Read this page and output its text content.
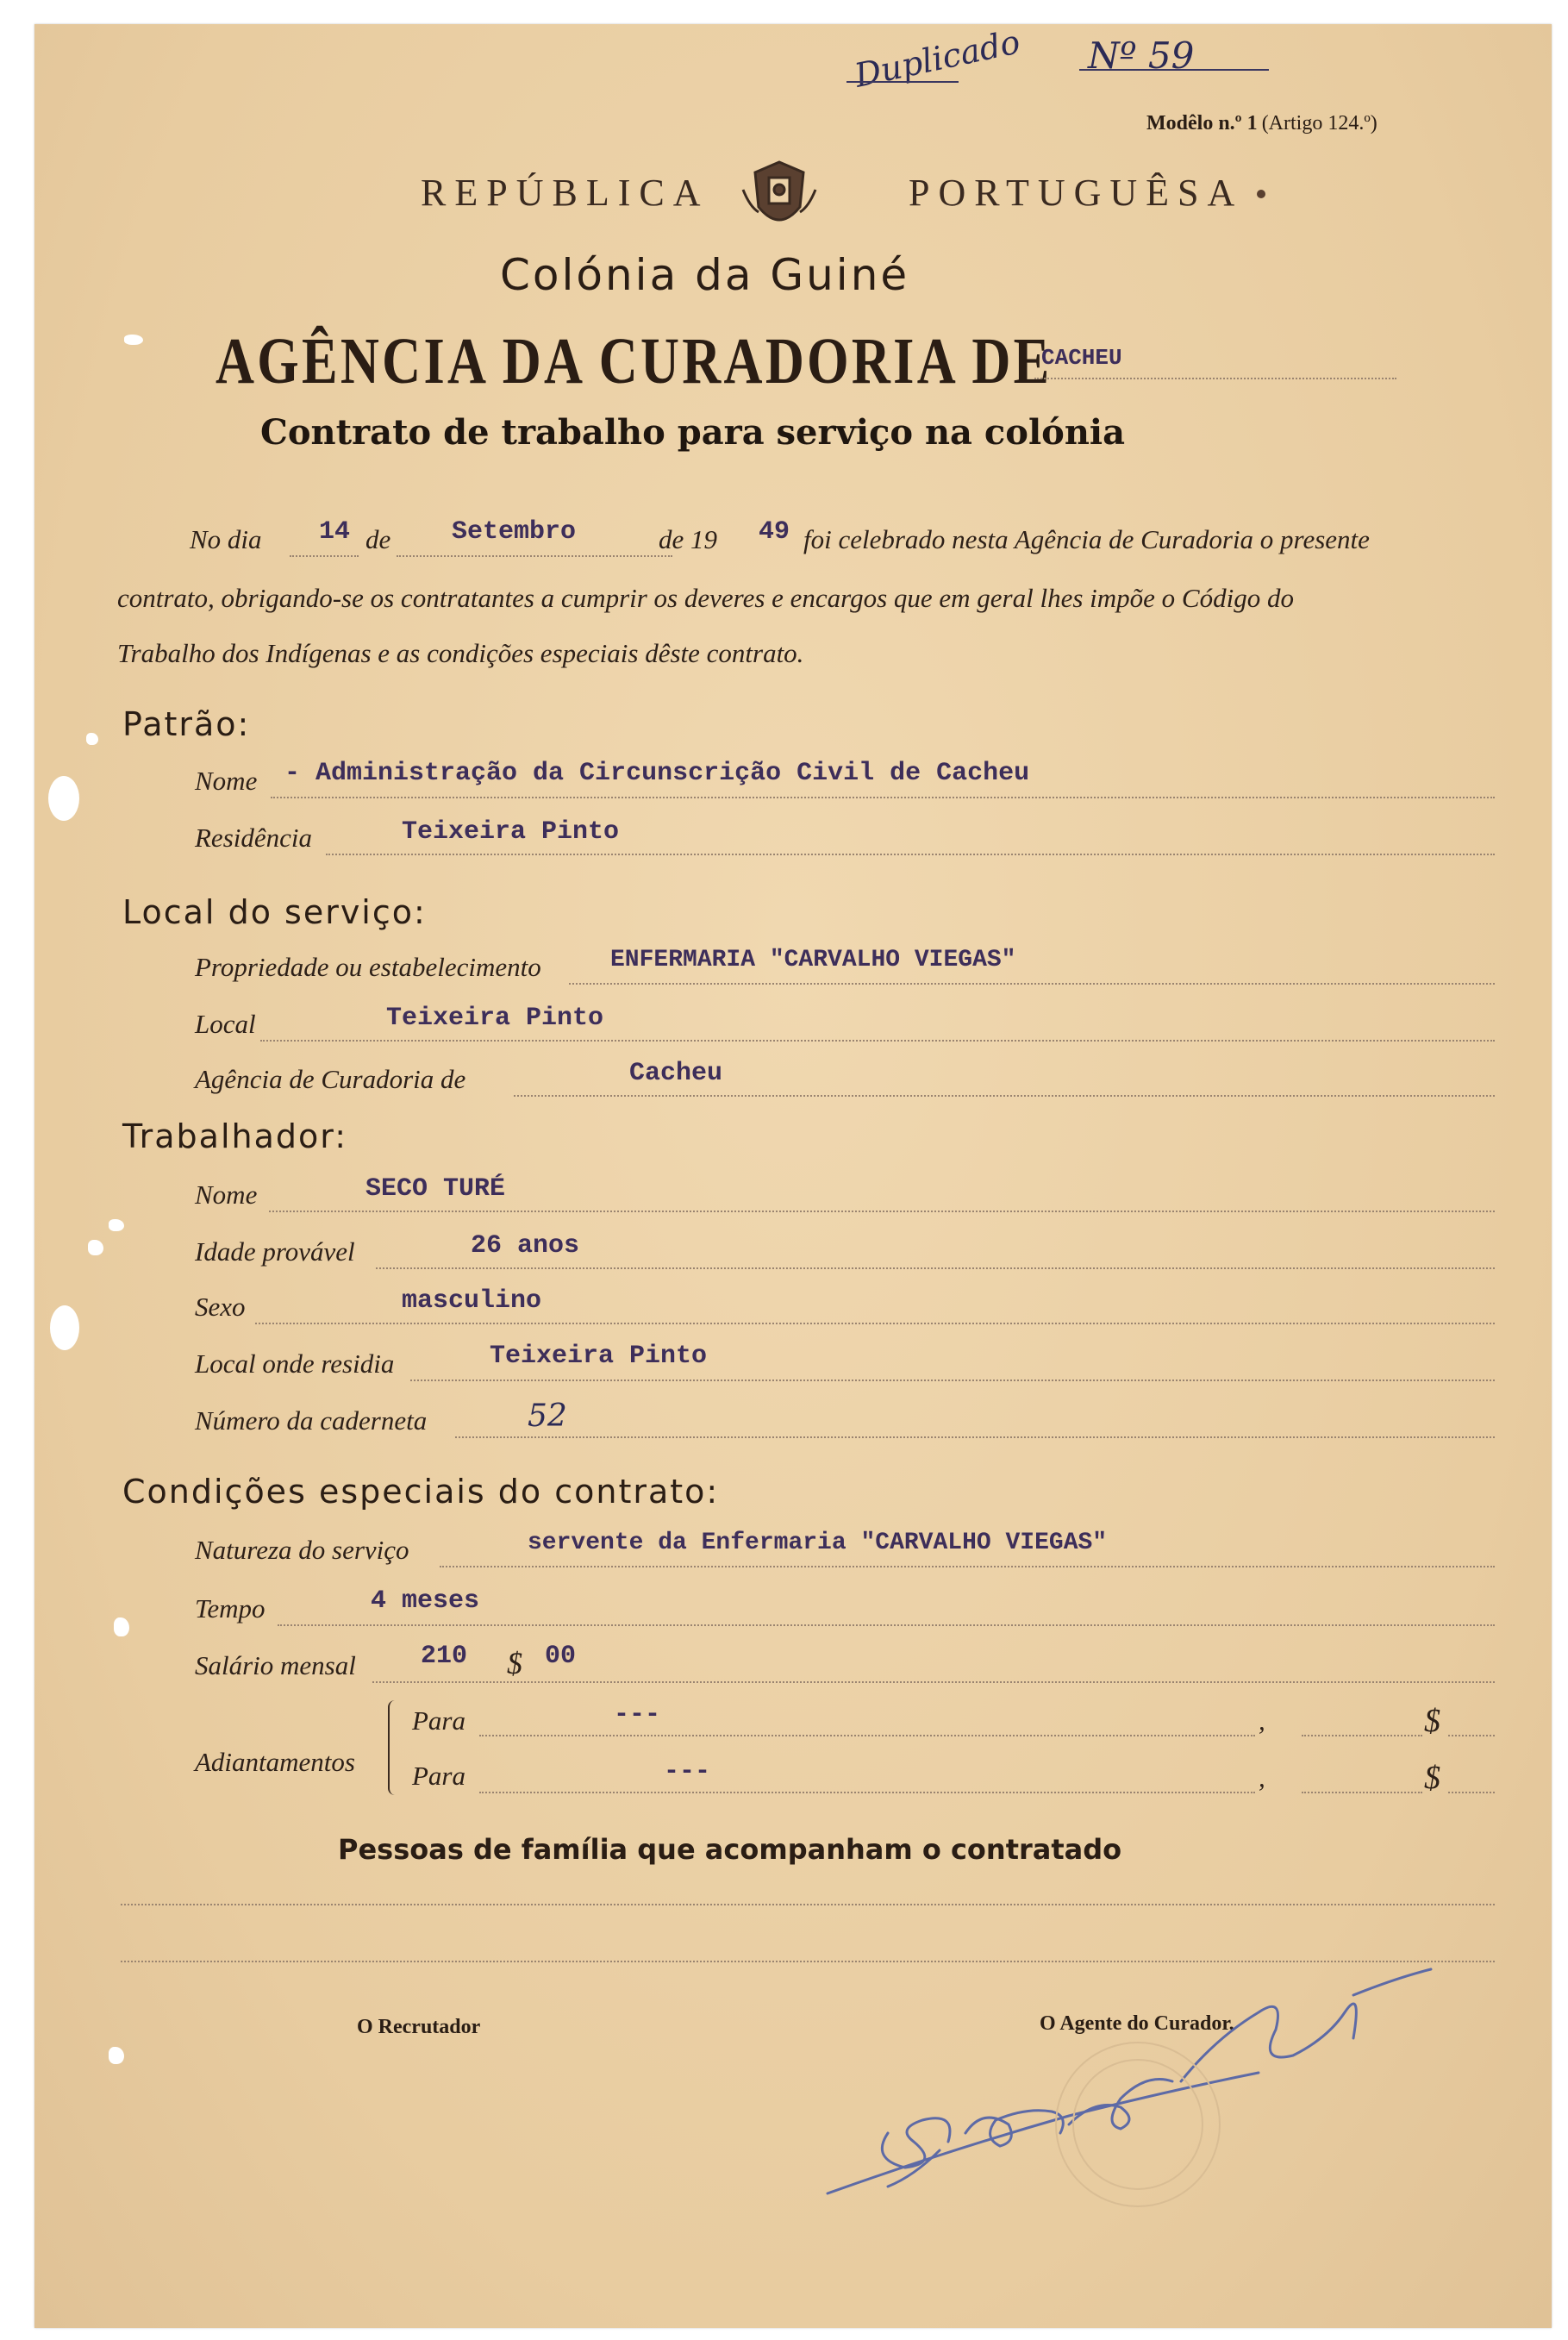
Duplicado Nº 59
Modêlo n.º 1 (Artigo 124.º)
REPÚBLICA	PORTUGUÊSA
Colónia da Guiné
AGÊNCIA DA CURADORIA DE
CACHEU
Contrato de trabalho para serviço na colónia
No dia 14 de Setembro	de 19 49 foi celebrado nesta Agência de Curadoria o presente
contrato, obrigando-se os contratantes a cumprir os deveres e encargos que em geral lhes impõe o Código do
Trabalho dos Indígenas e as condições especiais dêste contrato.
Patrão:
Nome - Administração da Circunscrição Civil de Cacheu
Residência	Teixeira Pinto
Local do serviço:
Propriedade ou estabelecimento	ENFERMARIA "CARVALHO VIEGAS"
Local	Teixeira Pinto
Agência de Curadoria de	Cacheu
Trabalhador:
Nome	SECO TURÉ
Idade provável	26 anos
Sexo	masculino
Local onde residia	Teixeira Pinto
Número da caderneta	52
Condições especiais do contrato:
Natureza do serviço	servente da Enfermaria "CARVALHO VIEGAS"
Tempo	4 meses
Salário mensal	210 $ 00
Adiantamentos
Para	---	,	$
Para	---	,	$
Pessoas de família que acompanham o contratado
O Recrutador	O Agente do Curador,
